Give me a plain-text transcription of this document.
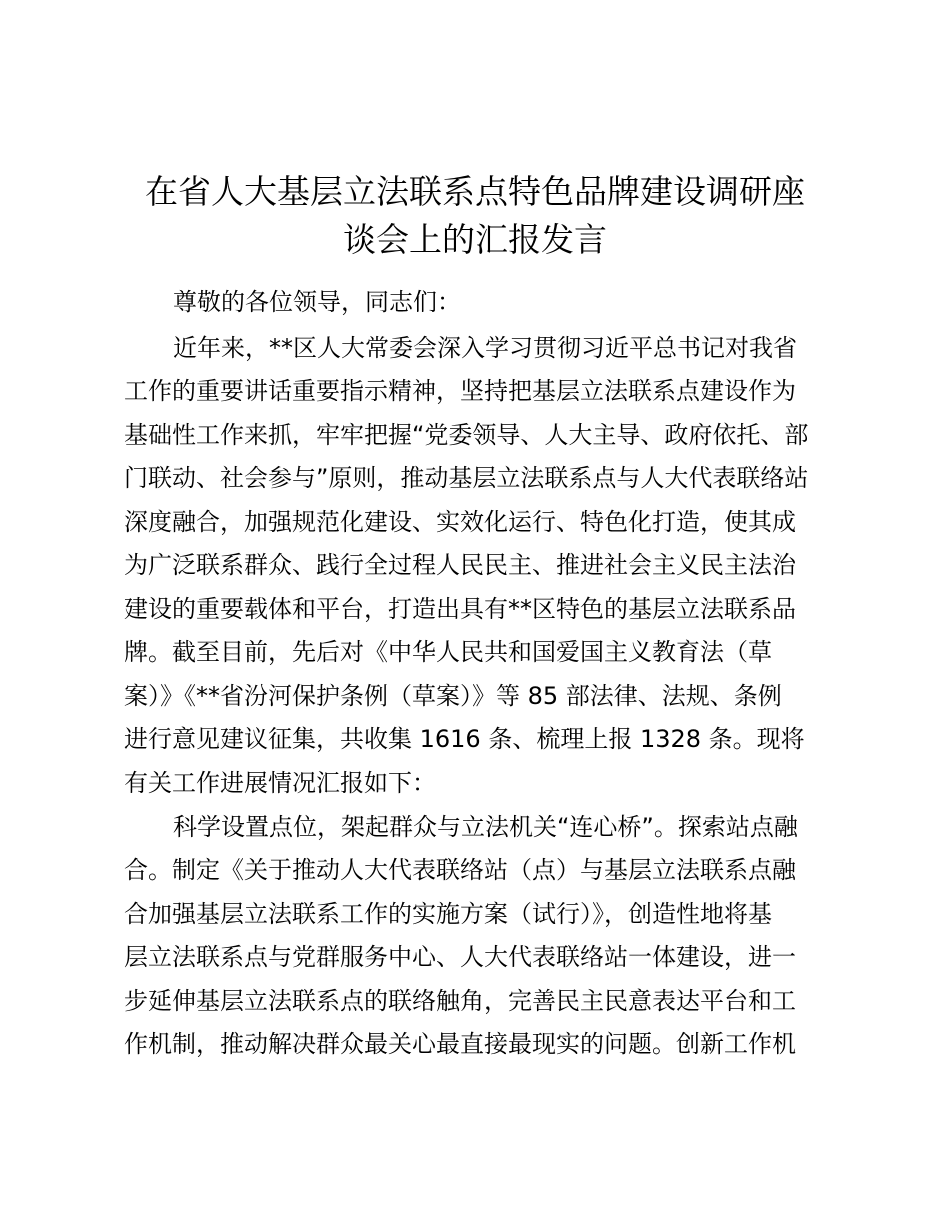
在省人大基层立法联系点特色品牌建设调研座
谈会上的汇报发言

尊敬的各位领导，同志们：

近年来，**区人大常委会深入学习贯彻习近平总书记对我省

工作的重要讲话重要指示精神，坚持把基层立法联系点建设作为

基础性工作来抓，牢牢把握“党委领导、人大主导、政府依托、部

门联动、社会参与”原则，推动基层立法联系点与人大代表联络站

深度融合，加强规范化建设、实效化运行、特色化打造，使其成

为广泛联系群众、践行全过程人民民主、推进社会主义民主法治

建设的重要载体和平台，打造出具有**区特色的基层立法联系品

牌。截至目前，先后对《中华人民共和国爱国主义教育法（草

案）》《**省汾河保护条例（草案）》等 85 部法律、法规、条例

进行意见建议征集，共收集 1616 条、梳理上报 1328 条。现将

有关工作进展情况汇报如下：

科学设置点位，架起群众与立法机关“连心桥”。探索站点融

合。制定《关于推动人大代表联络站（点）与基层立法联系点融

合加强基层立法联系工作的实施方案（试行）》，创造性地将基

层立法联系点与党群服务中心、人大代表联络站一体建设，进一

步延伸基层立法联系点的联络触角，完善民主民意表达平台和工

作机制，推动解决群众最关心最直接最现实的问题。创新工作机
